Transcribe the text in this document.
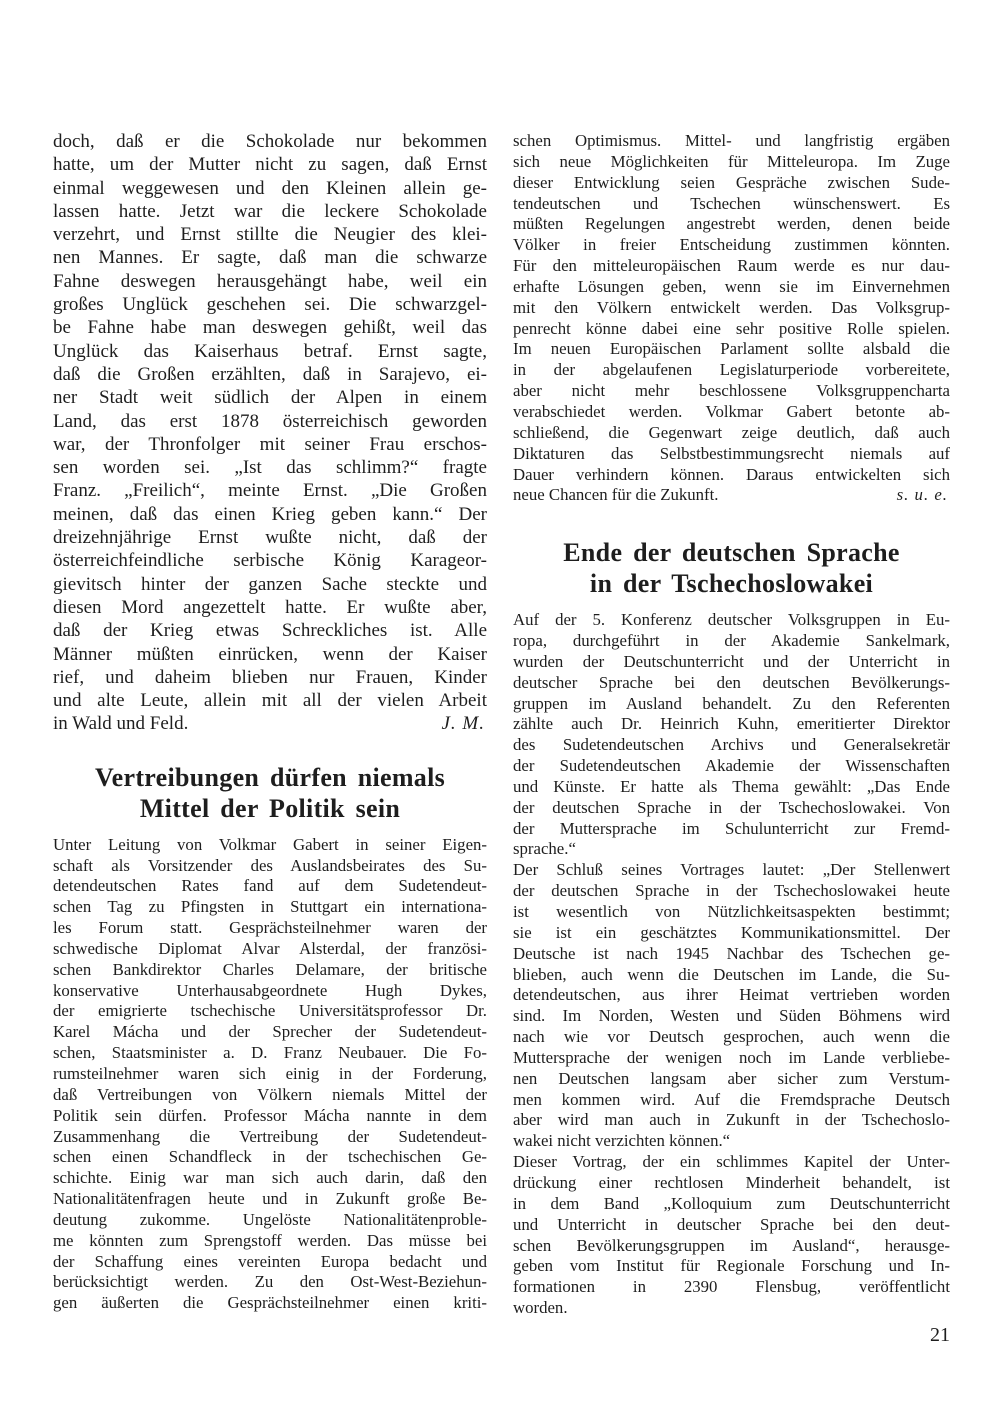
doch, daß er die Schokolade nur bekommen
hatte, um der Mutter nicht zu sagen, daß Ernst
einmal weggewesen und den Kleinen allein ge-
lassen hatte. Jetzt war die leckere Schokolade
verzehrt, und Ernst stillte die Neugier des klei-
nen Mannes. Er sagte, daß man die schwarze
Fahne deswegen herausgehängt habe, weil ein
großes Unglück geschehen sei. Die schwarzgel-
be Fahne habe man deswegen gehißt, weil das
Unglück das Kaiserhaus betraf. Ernst sagte,
daß die Großen erzählten, daß in Sarajevo, ei-
ner Stadt weit südlich der Alpen in einem
Land, das erst 1878 österreichisch geworden
war, der Thronfolger mit seiner Frau erschos-
sen worden sei. „Ist das schlimm?“ fragte
Franz. „Freilich“, meinte Ernst. „Die Großen
meinen, daß das einen Krieg geben kann.“ Der
dreizehnjährige Ernst wußte nicht, daß der
österreichfeindliche serbische König Karageor-
gievitsch hinter der ganzen Sache steckte und
diesen Mord angezettelt hatte. Er wußte aber,
daß der Krieg etwas Schreckliches ist. Alle
Männer müßten einrücken, wenn der Kaiser
rief, und daheim blieben nur Frauen, Kinder
und alte Leute, allein mit all der vielen Arbeit
in Wald und Feld.	J. M.
Vertreibungen dürfen niemals
Mittel der Politik sein
Unter Leitung von Volkmar Gabert in seiner Eigen-
schaft als Vorsitzender des Auslandsbeirates des Su-
detendeutschen Rates fand auf dem Sudetendeut-
schen Tag zu Pfingsten in Stuttgart ein internationa-
les Forum statt. Gesprächsteilnehmer waren der
schwedische Diplomat Alvar Alsterdal, der französi-
schen Bankdirektor Charles Delamare, der britische
konservative Unterhausabgeordnete Hugh Dykes,
der emigrierte tschechische Universitätsprofessor Dr.
Karel Mácha und der Sprecher der Sudetendeut-
schen, Staatsminister a. D. Franz Neubauer. Die Fo-
rumsteilnehmer waren sich einig in der Forderung,
daß Vertreibungen von Völkern niemals Mittel der
Politik sein dürfen. Professor Mácha nannte in dem
Zusammenhang die Vertreibung der Sudetendeut-
schen einen Schandfleck in der tschechischen Ge-
schichte. Einig war man sich auch darin, daß den
Nationalitätenfragen heute und in Zukunft große Be-
deutung zukomme. Ungelöste Nationalitätenproble-
me könnten zum Sprengstoff werden. Das müsse bei
der Schaffung eines vereinten Europa bedacht und
berücksichtigt werden. Zu den Ost-West-Beziehun-
gen äußerten die Gesprächsteilnehmer einen kriti-
schen Optimismus. Mittel- und langfristig ergäben
sich neue Möglichkeiten für Mitteleuropa. Im Zuge
dieser Entwicklung seien Gespräche zwischen Sude-
tendeutschen und Tschechen wünschenswert. Es
müßten Regelungen angestrebt werden, denen beide
Völker in freier Entscheidung zustimmen könnten.
Für den mitteleuropäischen Raum werde es nur dau-
erhafte Lösungen geben, wenn sie im Einvernehmen
mit den Völkern entwickelt werden. Das Volksgrup-
penrecht könne dabei eine sehr positive Rolle spielen.
Im neuen Europäischen Parlament sollte alsbald die
in der abgelaufenen Legislaturperiode vorbereitete,
aber nicht mehr beschlossene Volksgruppencharta
verabschiedet werden. Volkmar Gabert betonte ab-
schließend, die Gegenwart zeige deutlich, daß auch
Diktaturen das Selbstbestimmungsrecht niemals auf
Dauer verhindern können. Daraus entwickelten sich
neue Chancen für die Zukunft.	s. u. e.
Ende der deutschen Sprache
in der Tschechoslowakei
Auf der 5. Konferenz deutscher Volksgruppen in Eu-
ropa, durchgeführt in der Akademie Sankelmark,
wurden der Deutschunterricht und der Unterricht in
deutscher Sprache bei den deutschen Bevölkerungs-
gruppen im Ausland behandelt. Zu den Referenten
zählte auch Dr. Heinrich Kuhn, emeritierter Direktor
des Sudetendeutschen Archivs und Generalsekretär
der Sudetendeutschen Akademie der Wissenschaften
und Künste. Er hatte als Thema gewählt: „Das Ende
der deutschen Sprache in der Tschechoslowakei. Von
der Muttersprache im Schulunterricht zur Fremd-
sprache.“
Der Schluß seines Vortrages lautet: „Der Stellenwert
der deutschen Sprache in der Tschechoslowakei heute
ist wesentlich von Nützlichkeitsaspekten bestimmt;
sie ist ein geschätztes Kommunikationsmittel. Der
Deutsche ist nach 1945 Nachbar des Tschechen ge-
blieben, auch wenn die Deutschen im Lande, die Su-
detendeutschen, aus ihrer Heimat vertrieben worden
sind. Im Norden, Westen und Süden Böhmens wird
nach wie vor Deutsch gesprochen, auch wenn die
Muttersprache der wenigen noch im Lande verbliebe-
nen Deutschen langsam aber sicher zum Verstum-
men kommen wird. Auf die Fremdsprache Deutsch
aber wird man auch in Zukunft in der Tschechoslo-
wakei nicht verzichten können.“
Dieser Vortrag, der ein schlimmes Kapitel der Unter-
drückung einer rechtlosen Minderheit behandelt, ist
in dem Band „Kolloquium zum Deutschunterricht
und Unterricht in deutscher Sprache bei den deut-
schen Bevölkerungsgruppen im Ausland“, herausge-
geben vom Institut für Regionale Forschung und In-
formationen in 2390 Flensbug, veröffentlicht
worden.
21
